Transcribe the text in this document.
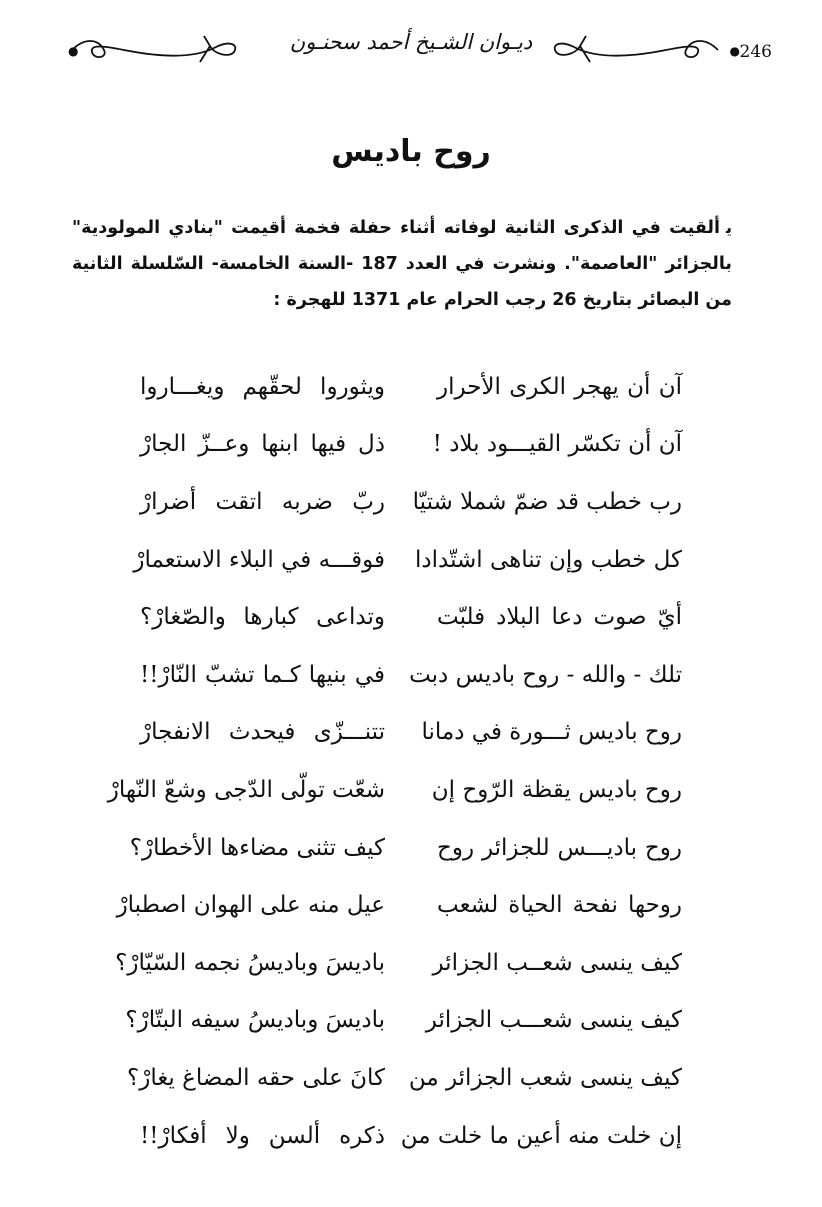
●	ديـوان الشـيخ أحمد سحنـون	● 246
روح باديس
ﯾألقيت في الذكرى الثانية لوفاته أثناء حفلة فخمة أقيمت "بنادي المولودية" بالجزائر "العاصمة". ونشرت في العدد 187 -السنة الخامسة- السّلسلة الثانية من البصائر بتاريخ 26 رجب الحرام عام 1371 للهجرة :
آن أن يهجر الكرى الأحرار
ويثوروا لحقّهم ويغـــاروا
آن أن تكسّر القيـــود بلاد !
ذل فيها ابنها وعــزّ الجارْ
رب خطب قد ضمّ شملا شتيّا
ربّ ضربه اتقت أضرارْ
كل خطب وإن تناهى اشتّدادا
فوقـــه في البلاء الاستعمارْ
أيّ صوت دعا البلاد فلبّت
وتداعى كبارها والصّغارْ؟
تلك - والله - روح باديس دبت
في بنيها كـما تشبّ النّارْ!!
روح باديس ثـــورة في دمانا
تتنـــزّى فيحدث الانفجارْ
روح باديس يقظة الرّوح إن
شعّت تولّى الدّجى وشعّ النّهارْ
روح باديـــس للجزائر روح
كيف تثنى مضاءها الأخطارْ؟
روحها نفحة الحياة لشعب
عيل منه على الهوان اصطبارْ
كيف ينسى شعــب الجزائر
باديسَ وباديسُ نجمه السّيّارْ؟
كيف ينسى شعـــب الجزائر
باديسَ وباديسُ سيفه البتّارْ؟
كيف ينسى شعب الجزائر من
كانَ على حقه المضاغ يغارْ؟
إن خلت منه أعين ما خلت من
ذكره ألسن ولا أفكارْ!!
